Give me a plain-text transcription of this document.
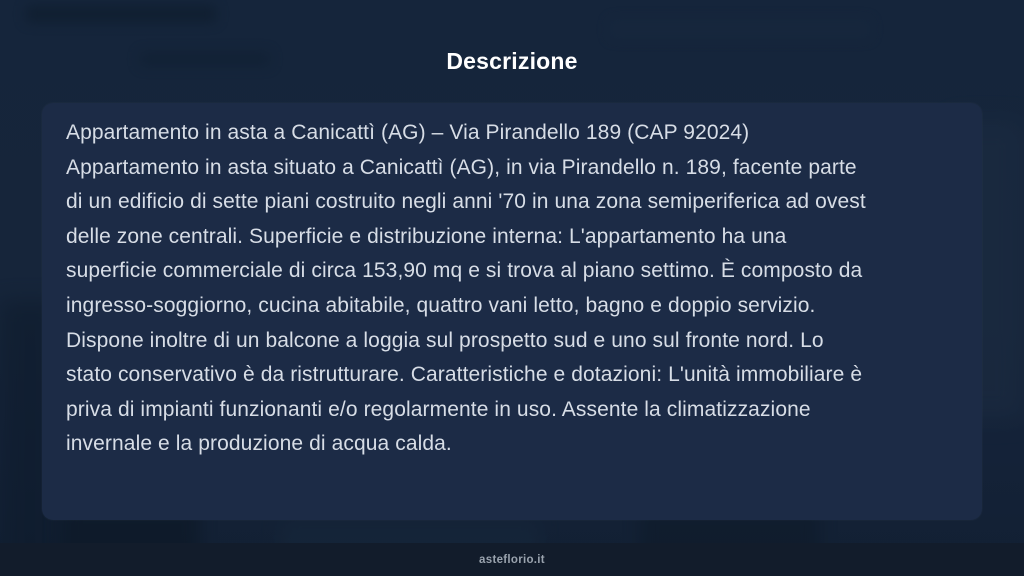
Descrizione
Appartamento in asta a Canicattì (AG) – Via Pirandello 189 (CAP 92024)
Appartamento in asta situato a Canicattì (AG), in via Pirandello n. 189, facente parte
di un edificio di sette piani costruito negli anni '70 in una zona semiperiferica ad ovest
delle zone centrali. Superficie e distribuzione interna: L'appartamento ha una
superficie commerciale di circa 153,90 mq e si trova al piano settimo. È composto da
ingresso-soggiorno, cucina abitabile, quattro vani letto, bagno e doppio servizio.
Dispone inoltre di un balcone a loggia sul prospetto sud e uno sul fronte nord. Lo
stato conservativo è da ristrutturare. Caratteristiche e dotazioni: L'unità immobiliare è
priva di impianti funzionanti e/o regolarmente in uso. Assente la climatizzazione
invernale e la produzione di acqua calda.
asteflorio.it
